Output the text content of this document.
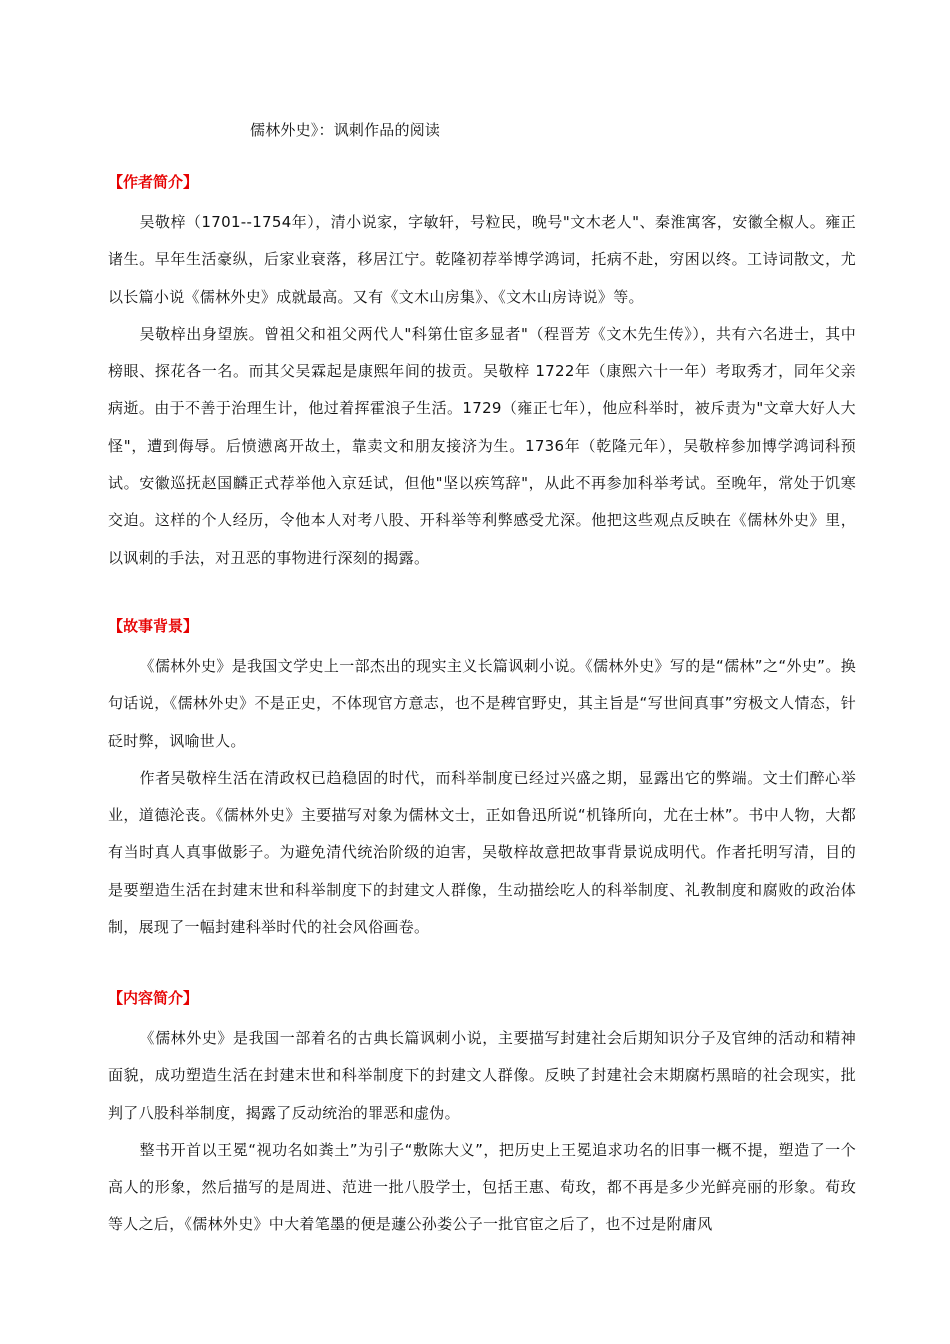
儒林外史》：讽刺作品的阅读
【作者简介】

吴敬梓（1701--1754年），清小说家，字敏轩，号粒民，晚号"文木老人"、秦淮寓客，安徽全椒人。雍正诸生。早年生活豪纵，后家业衰落，移居江宁。乾隆初荐举博学鸿词，托病不赴，穷困以终。工诗词散文，尤以长篇小说《儒林外史》成就最高。又有《文木山房集》、《文木山房诗说》等。

吴敬梓出身望族。曾祖父和祖父两代人"科第仕宦多显者"（程晋芳《文木先生传》），共有六名进士，其中榜眼、探花各一名。而其父吴霖起是康熙年间的拔贡。吴敬梓 1722年（康熙六十一年）考取秀才，同年父亲病逝。由于不善于治理生计，他过着挥霍浪子生活。1729（雍正七年），他应科举时，被斥责为"文章大好人大怪"，遭到侮辱。后愤懑离开故土，靠卖文和朋友接济为生。1736年（乾隆元年），吴敬梓参加博学鸿词科预试。安徽巡抚赵国麟正式荐举他入京廷试，但他"坚以疾笃辞"，从此不再参加科举考试。至晚年，常处于饥寒交迫。这样的个人经历，令他本人对考八股、开科举等利弊感受尤深。他把这些观点反映在《儒林外史》里，以讽刺的手法，对丑恶的事物进行深刻的揭露。

【故事背景】

《儒林外史》是我国文学史上一部杰出的现实主义长篇讽刺小说。《儒林外史》写的是“儒林”之“外史”。换句话说，《儒林外史》不是正史，不体现官方意志，也不是稗官野史，其主旨是“写世间真事”穷极文人情态，针砭时弊，讽喻世人。

作者吴敬梓生活在清政权已趋稳固的时代，而科举制度已经过兴盛之期，显露出它的弊端。文士们醉心举业，道德沦丧。《儒林外史》主要描写对象为儒林文士，正如鲁迅所说“机锋所向，尤在士林”。书中人物，大都有当时真人真事做影子。为避免清代统治阶级的迫害，吴敬梓故意把故事背景说成明代。作者托明写清，目的是要塑造生活在封建末世和科举制度下的封建文人群像，生动描绘吃人的科举制度、礼教制度和腐败的政治体制，展现了一幅封建科举时代的社会风俗画卷。

【内容简介】

《儒林外史》是我国一部着名的古典长篇讽刺小说，主要描写封建社会后期知识分子及官绅的活动和精神面貌，成功塑造生活在封建末世和科举制度下的封建文人群像。反映了封建社会末期腐朽黑暗的社会现实，批判了八股科举制度，揭露了反动统治的罪恶和虚伪。

整书开首以王冕“视功名如粪土”为引子“敷陈大义”，把历史上王冕追求功名的旧事一概不提，塑造了一个高人的形象，然后描写的是周进、范进一批八股学士，包括王惠、荀玫，都不再是多少光鲜亮丽的形象。荀玫等人之后，《儒林外史》中大着笔墨的便是蘧公孙娄公子一批官宦之后了，也不过是附庸风
